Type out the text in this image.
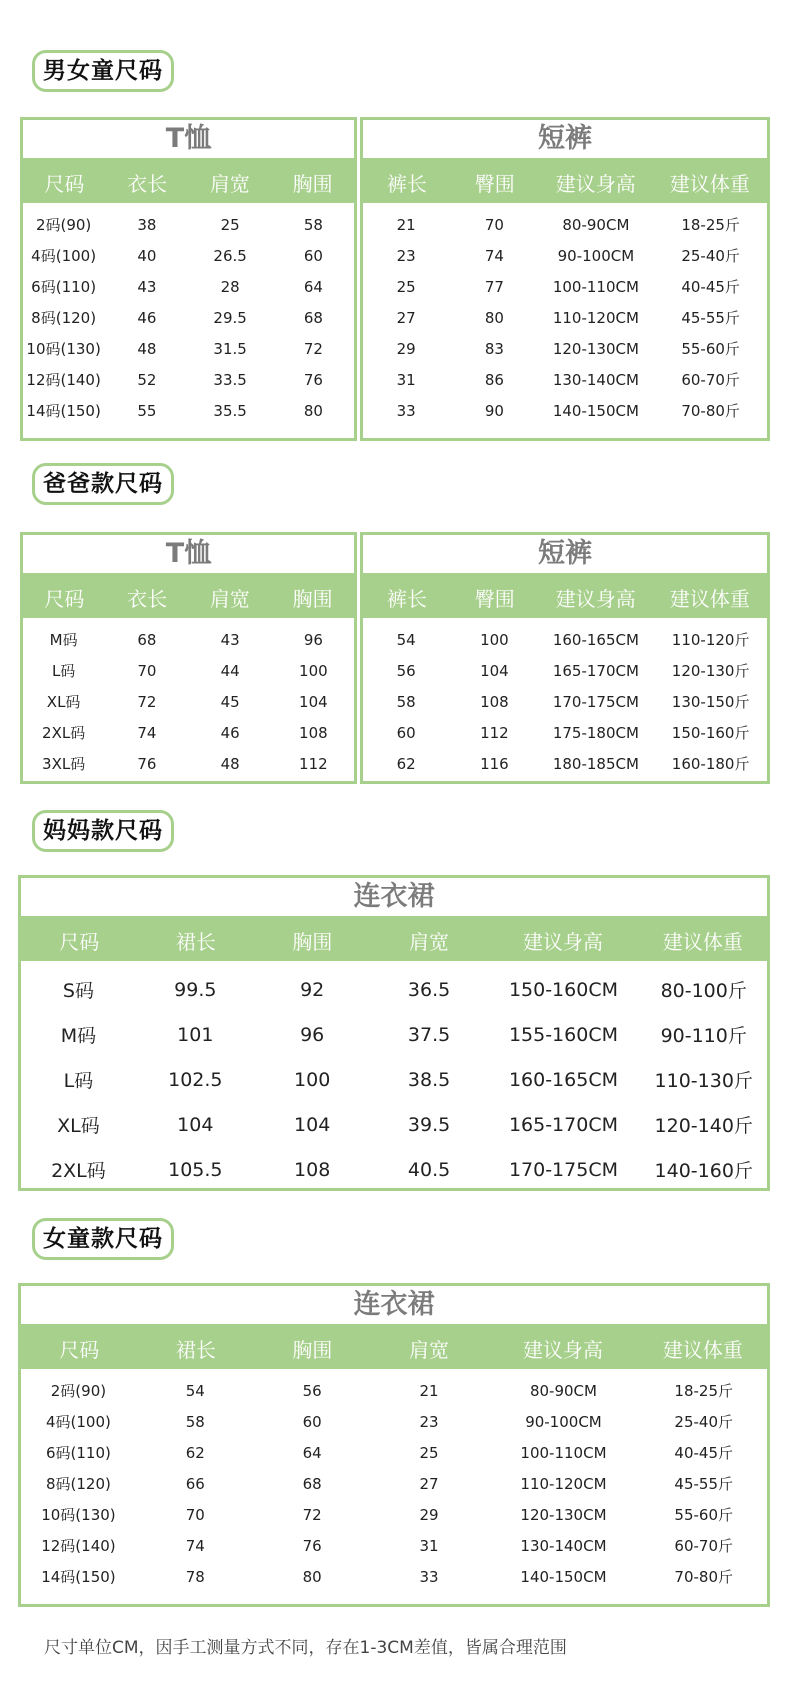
男女童尺码
T恤
尺码	衣长	肩宽	胸围
2码(90)	38	25	58
4码(100)	40	26.5	60
6码(110)	43	28	64
8码(120)	46	29.5	68
10码(130)	48	31.5	72
12码(140)	52	33.5	76
14码(150)	55	35.5	80
短裤
裤长	臀围	建议身高	建议体重
21	70	80-90CM	18-25斤
23	74	90-100CM	25-40斤
25	77	100-110CM	40-45斤
27	80	110-120CM	45-55斤
29	83	120-130CM	55-60斤
31	86	130-140CM	60-70斤
33	90	140-150CM	70-80斤
爸爸款尺码
T恤
尺码	衣长	肩宽	胸围
M码	68	43	96
L码	70	44	100
XL码	72	45	104
2XL码	74	46	108
3XL码	76	48	112
短裤
裤长	臀围	建议身高	建议体重
54	100	160-165CM	110-120斤
56	104	165-170CM	120-130斤
58	108	170-175CM	130-150斤
60	112	175-180CM	150-160斤
62	116	180-185CM	160-180斤
妈妈款尺码
连衣裙
尺码	裙长	胸围	肩宽	建议身高	建议体重
S码	99.5	92	36.5	150-160CM	80-100斤
M码	101	96	37.5	155-160CM	90-110斤
L码	102.5	100	38.5	160-165CM	110-130斤
XL码	104	104	39.5	165-170CM	120-140斤
2XL码	105.5	108	40.5	170-175CM	140-160斤
女童款尺码
连衣裙
尺码	裙长	胸围	肩宽	建议身高	建议体重
2码(90)	54	56	21	80-90CM	18-25斤
4码(100)	58	60	23	90-100CM	25-40斤
6码(110)	62	64	25	100-110CM	40-45斤
8码(120)	66	68	27	110-120CM	45-55斤
10码(130)	70	72	29	120-130CM	55-60斤
12码(140)	74	76	31	130-140CM	60-70斤
14码(150)	78	80	33	140-150CM	70-80斤
尺寸单位CM，因手工测量方式不同，存在1-3CM差值，皆属合理范围
